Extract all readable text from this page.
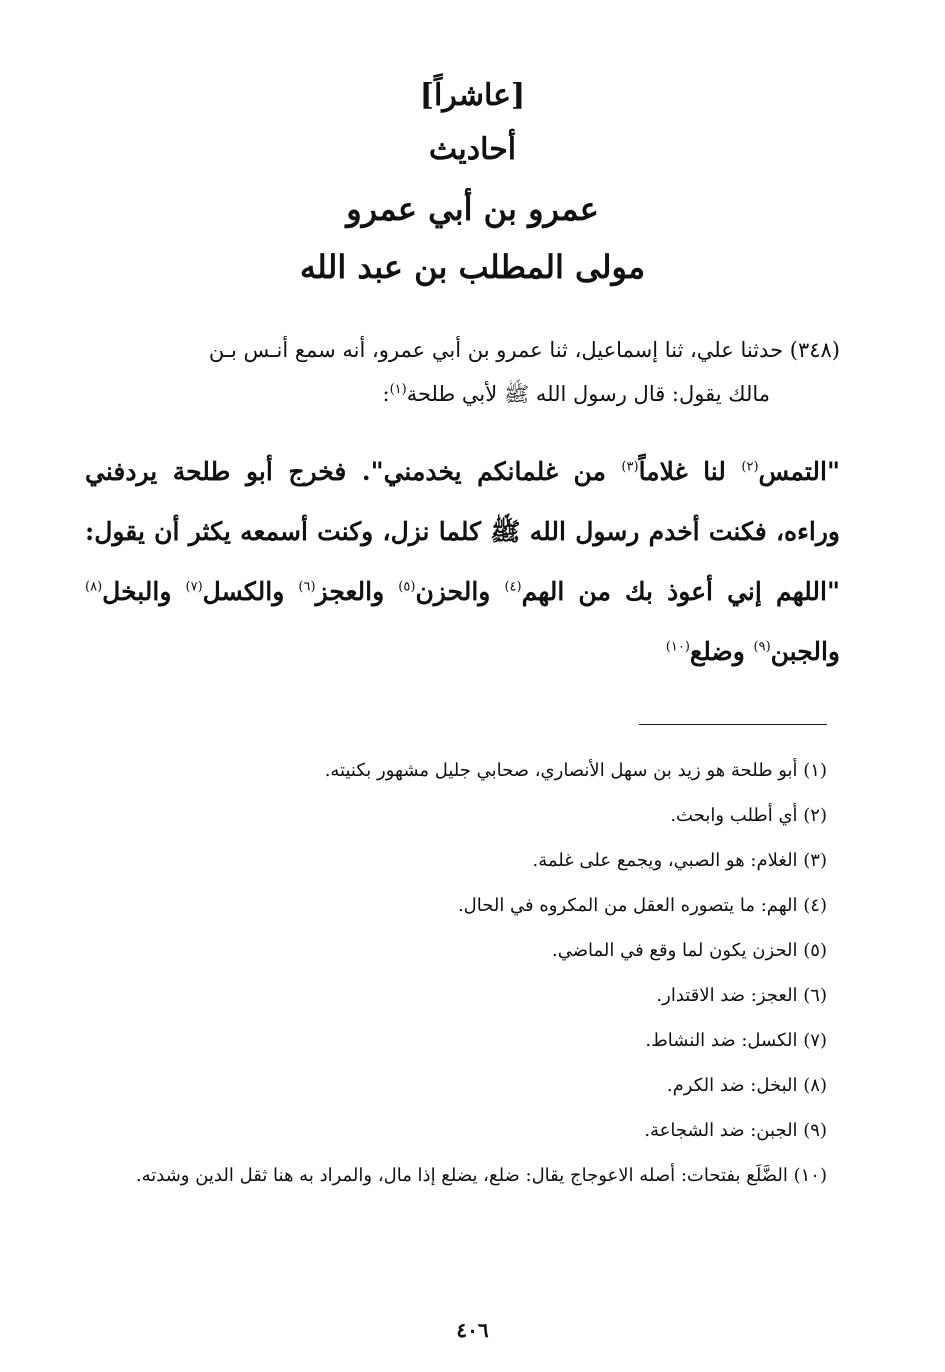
[عاشراً]
أحاديث
عمرو بن أبي عمرو
مولى المطلب بن عبد الله
(٣٤٨) حدثنا علي، ثنا إسماعيل، ثنا عمرو بن أبي عمرو، أنه سمع أنـس بـن
مالك يقول: قال رسول الله ﷺ لأبي طلحة$^{(١)}$:
"التمس$^{(٢)}$ لنا غلاماً$^{(٣)}$ من غلمانكم يخدمني". فخرج أبو طلحة يردفني وراءه، فكنت أخدم رسول الله ﷺ كلما نزل، وكنت أسمعه يكثر أن يقول: "اللهم إني أعوذ بك من الهم$^{(٤)}$ والحزن$^{(٥)}$ والعجز$^{(٦)}$ والكسل$^{(٧)}$ والبخل$^{(٨)}$ والجبن$^{(٩)}$ وضلع$^{(١٠)}$
(١) أبو طلحة هو زيد بن سهل الأنصاري، صحابي جليل مشهور بكنيته.
(٢) أي أطلب وابحث.
(٣) الغلام: هو الصبي، ويجمع على غلمة.
(٤) الهم: ما يتصوره العقل من المكروه في الحال.
(٥) الحزن يكون لما وقع في الماضي.
(٦) العجز: ضد الاقتدار.
(٧) الكسل: ضد النشاط.
(٨) البخل: ضد الكرم.
(٩) الجبن: ضد الشجاعة.
(١٠) الضَّلَع بفتحات: أصله الاعوجاج يقال: ضلع، يضلع إذا مال، والمراد به هنا ثقل الدين وشدته.
٤٠٦
